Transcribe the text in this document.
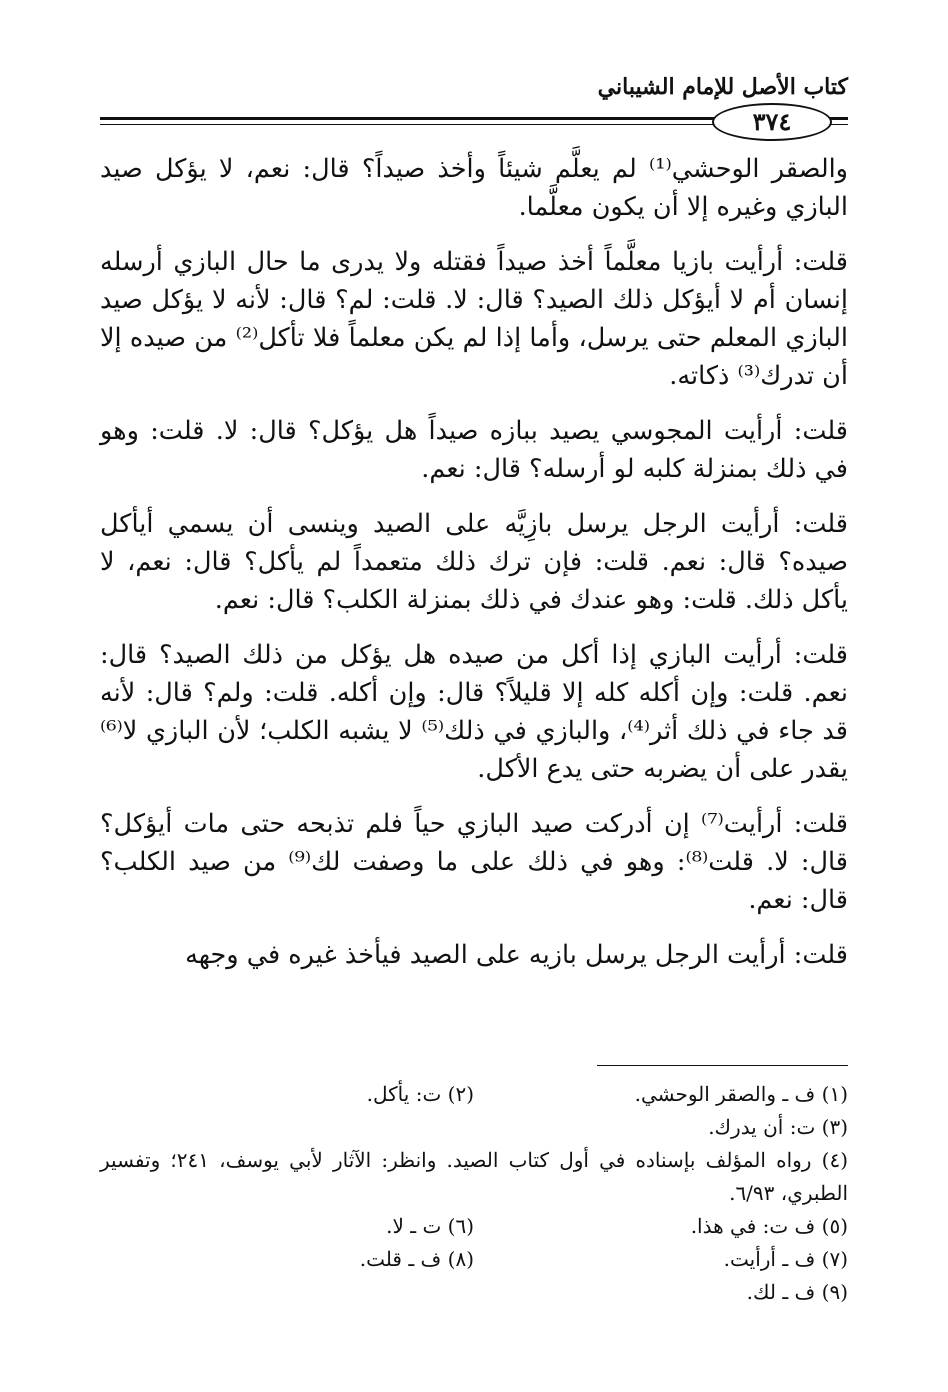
كتاب الأصل للإمام الشيباني
٣٧٤

والصقر الوحشي⁽¹⁾ لم يعلَّم شيئاً وأخذ صيداً؟ قال: نعم، لا يؤكل صيد البازي وغيره إلا أن يكون معلَّما.

قلت: أرأيت بازيا معلَّماً أخذ صيداً فقتله ولا يدرى ما حال البازي أرسله إنسان أم لا أيؤكل ذلك الصيد؟ قال: لا. قلت: لم؟ قال: لأنه لا يؤكل صيد البازي المعلم حتى يرسل، وأما إذا لم يكن معلماً فلا تأكل⁽²⁾ من صيده إلا أن تدرك⁽³⁾ ذكاته.

قلت: أرأيت المجوسي يصيد ببازه صيداً هل يؤكل؟ قال: لا. قلت: وهو في ذلك بمنزلة كلبه لو أرسله؟ قال: نعم.

قلت: أرأيت الرجل يرسل بازِيَّه على الصيد وينسى أن يسمي أيأكل صيده؟ قال: نعم. قلت: فإن ترك ذلك متعمداً لم يأكل؟ قال: نعم، لا يأكل ذلك. قلت: وهو عندك في ذلك بمنزلة الكلب؟ قال: نعم.

قلت: أرأيت البازي إذا أكل من صيده هل يؤكل من ذلك الصيد؟ قال: نعم. قلت: وإن أكله كله إلا قليلاً؟ قال: وإن أكله. قلت: ولم؟ قال: لأنه قد جاء في ذلك أثر⁽⁴⁾، والبازي في ذلك⁽⁵⁾ لا يشبه الكلب؛ لأن البازي لا⁽⁶⁾ يقدر على أن يضربه حتى يدع الأكل.

قلت: أرأيت⁽⁷⁾ إن أدركت صيد البازي حياً فلم تذبحه حتى مات أيؤكل؟ قال: لا. قلت⁽⁸⁾: وهو في ذلك على ما وصفت لك⁽⁹⁾ من صيد الكلب؟ قال: نعم.

قلت: أرأيت الرجل يرسل بازيه على الصيد فيأخذ غيره في وجهه

(١) ف ـ والصقر الوحشي.
(٢) ت: يأكل.
(٣) ت: أن يدرك.
(٤) رواه المؤلف بإسناده في أول كتاب الصيد. وانظر: الآثار لأبي يوسف، ٢٤١؛ وتفسير الطبري، ٦/٩٣.
(٥) ف ت: في هذا.
(٦) ت ـ لا.
(٧) ف ـ أرأيت.
(٨) ف ـ قلت.
(٩) ف ـ لك.
